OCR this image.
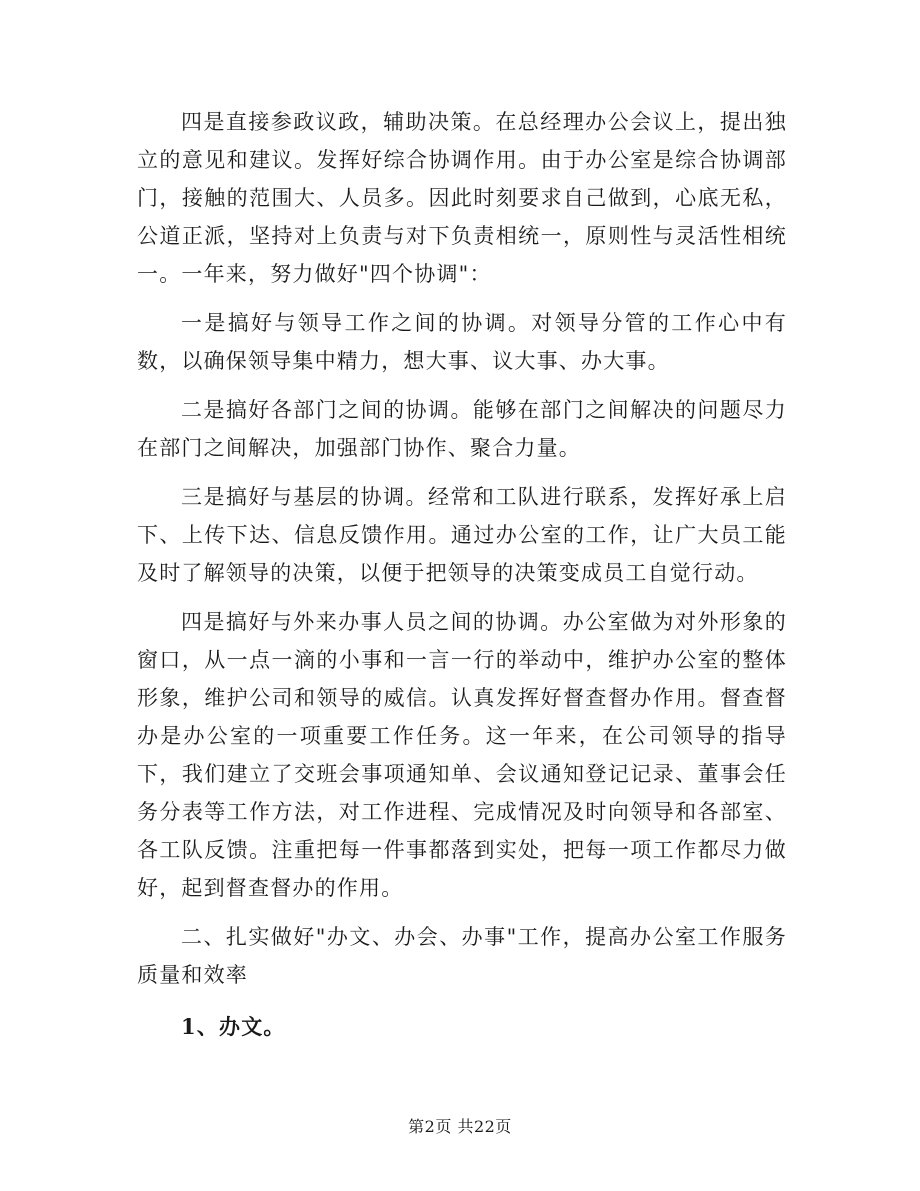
四是直接参政议政，辅助决策。在总经理办公会议上，提出独立的意见和建议。发挥好综合协调作用。由于办公室是综合协调部门，接触的范围大、人员多。因此时刻要求自己做到，心底无私，公道正派，坚持对上负责与对下负责相统一，原则性与灵活性相统一。一年来，努力做好"四个协调"：

一是搞好与领导工作之间的协调。对领导分管的工作心中有数，以确保领导集中精力，想大事、议大事、办大事。

二是搞好各部门之间的协调。能够在部门之间解决的问题尽力在部门之间解决，加强部门协作、聚合力量。

三是搞好与基层的协调。经常和工队进行联系，发挥好承上启下、上传下达、信息反馈作用。通过办公室的工作，让广大员工能及时了解领导的决策，以便于把领导的决策变成员工自觉行动。

四是搞好与外来办事人员之间的协调。办公室做为对外形象的窗口，从一点一滴的小事和一言一行的举动中，维护办公室的整体形象，维护公司和领导的威信。认真发挥好督查督办作用。督查督办是办公室的一项重要工作任务。这一年来，在公司领导的指导下，我们建立了交班会事项通知单、会议通知登记记录、董事会任务分表等工作方法，对工作进程、完成情况及时向领导和各部室、各工队反馈。注重把每一件事都落到实处，把每一项工作都尽力做好，起到督查督办的作用。

二、扎实做好"办文、办会、办事"工作，提高办公室工作服务质量和效率

1、办文。

第2页 共22页
